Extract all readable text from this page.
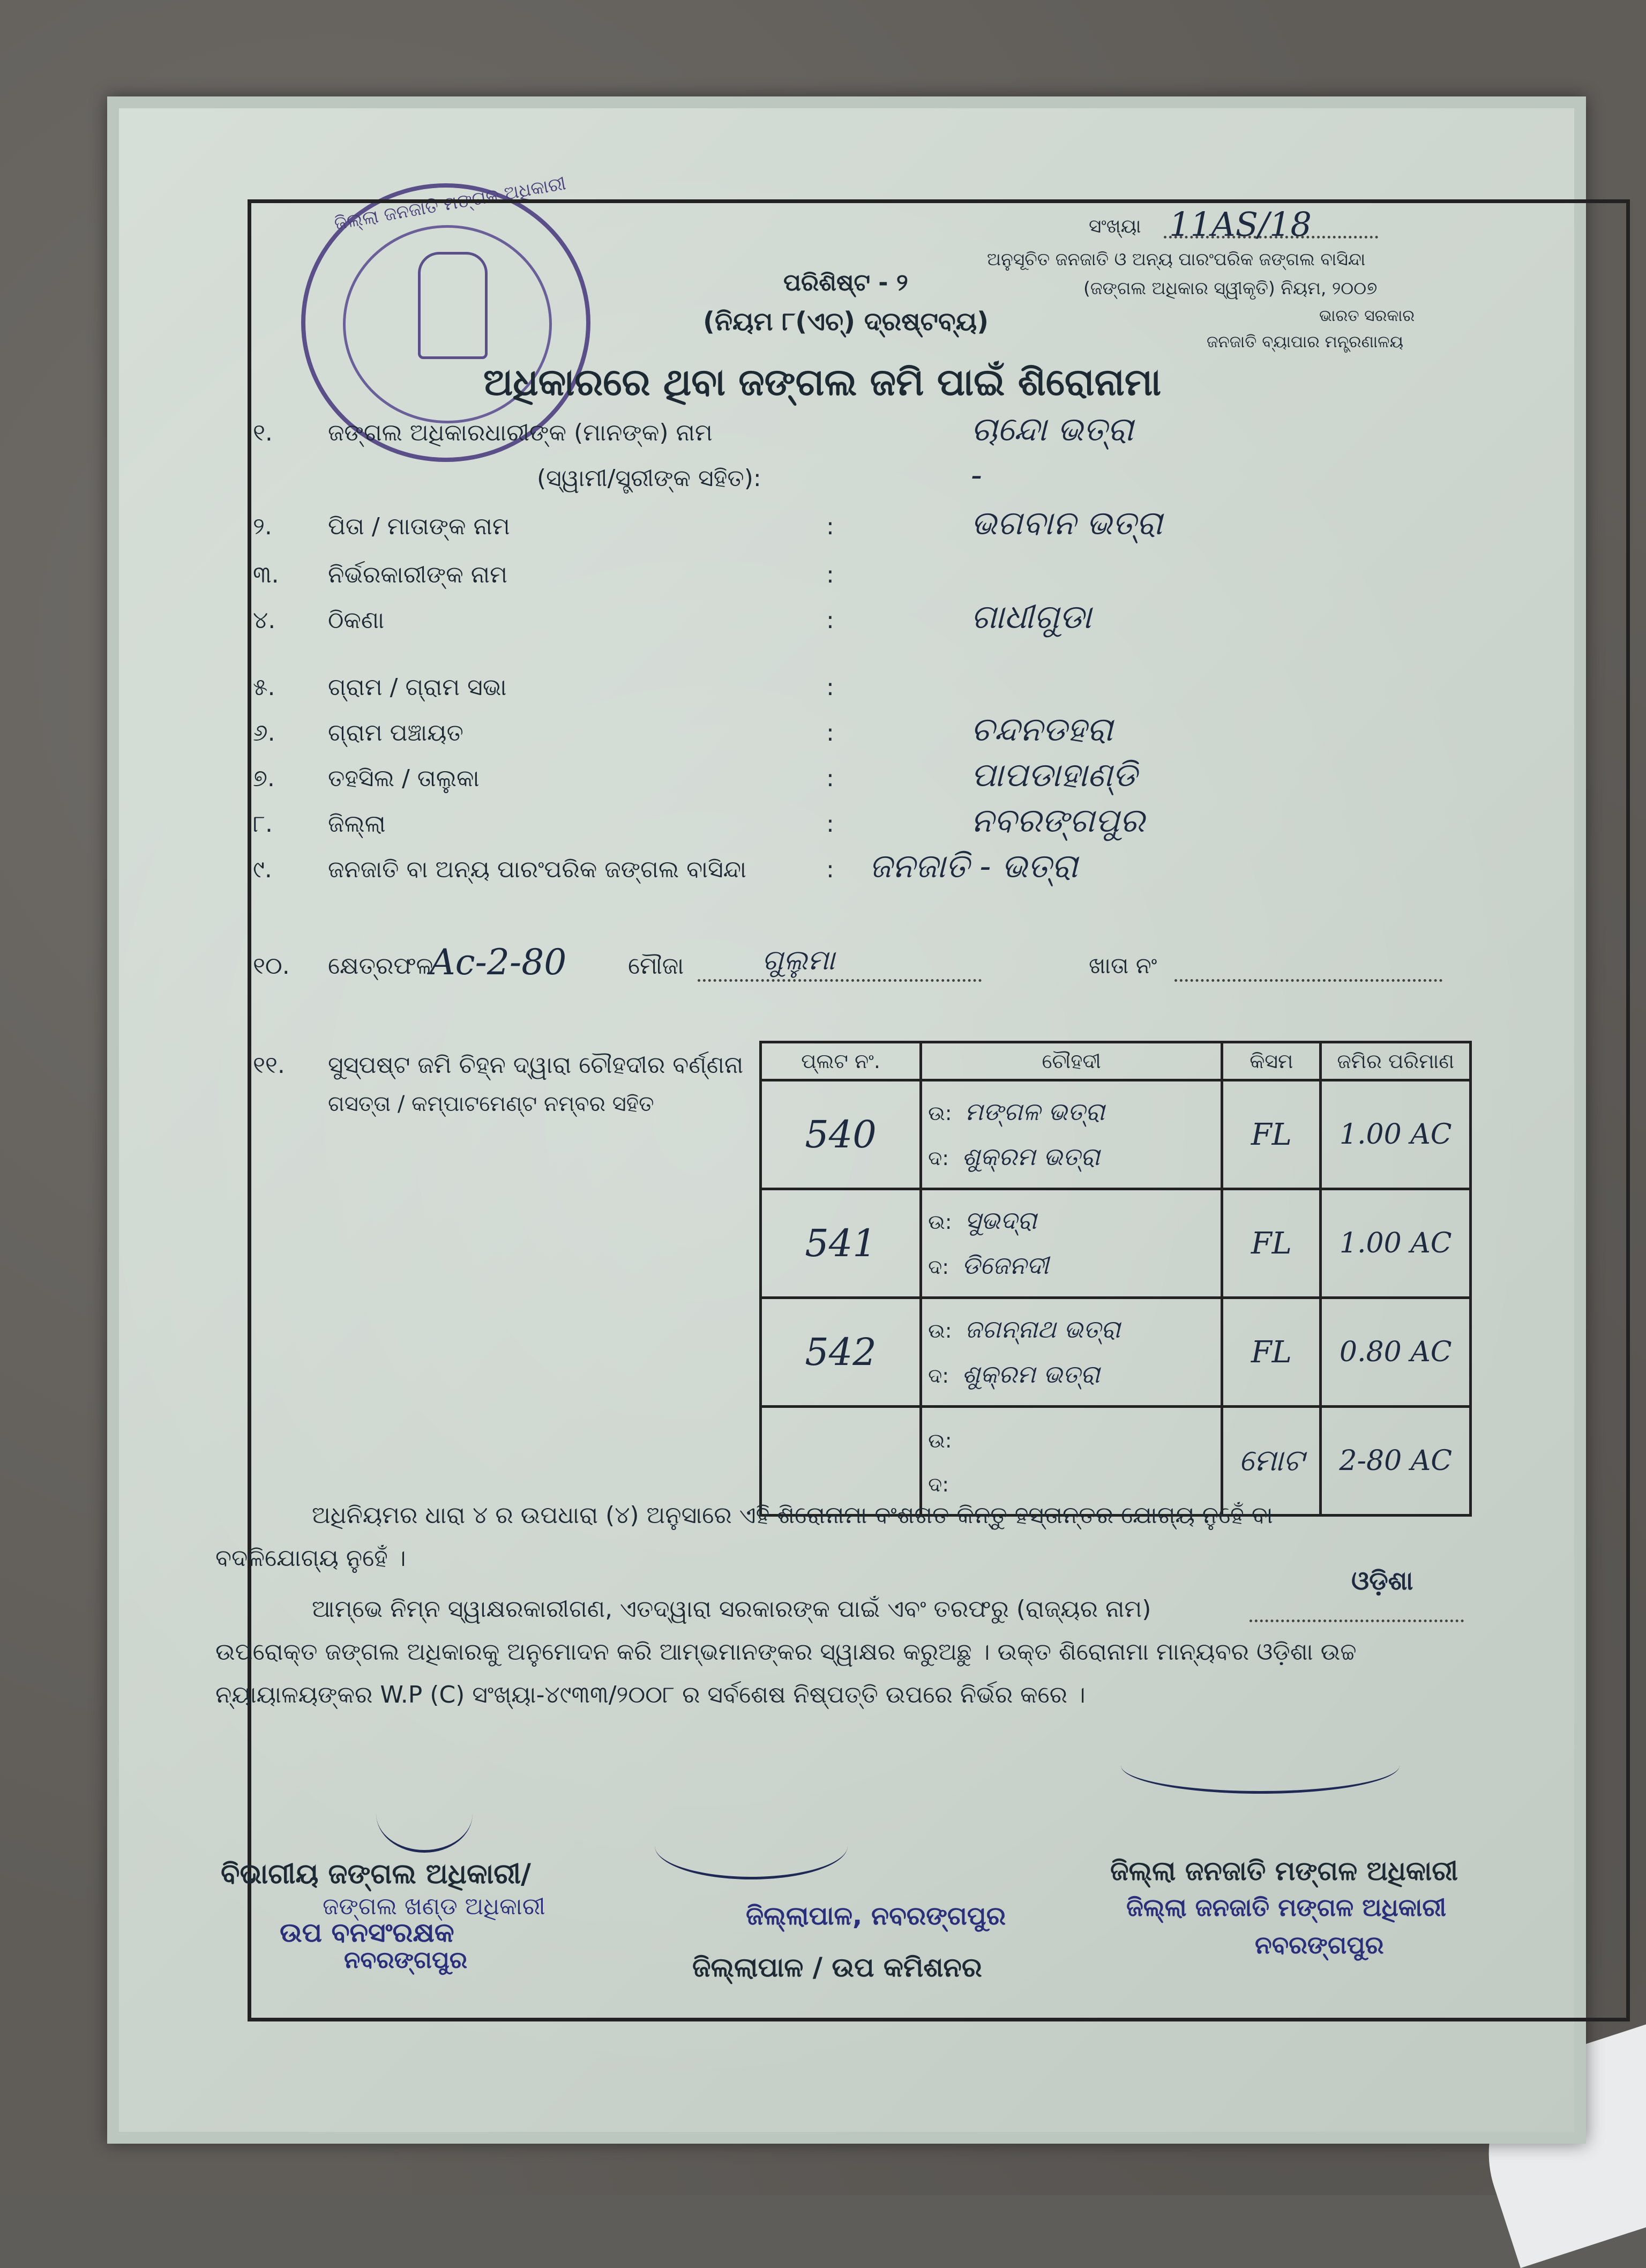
ଜିଲ୍ଲା ଜନଜାତି ମଙ୍ଗଳ ଅଧିକାରୀ	ସଂଖ୍ୟା 11AS/18
ଅନୁସୂଚିତ ଜନଜାତି ଓ ଅନ୍ୟ ପାରଂପରିକ ଜଙ୍ଗଲ ବାସିନ୍ଦା
(ଜଙ୍ଗଲ ଅଧିକାର ସ୍ୱୀକୃତି) ନିୟମ, ୨୦୦୭
ଭାରତ ସରକାର
ଜନଜାତି ବ୍ୟାପାର ମନ୍ତ୍ରଣାଳୟ
ପରିଶିଷ୍ଟ - ୨
(ନିୟମ ୮(ଏଚ୍) ଦ୍ରଷ୍ଟବ୍ୟ)
ଅଧିକାରରେ ଥିବା ଜଙ୍ଗଲ ଜମି ପାଇଁ ଶିରୋନାମା
୧. ଜଙ୍ଗଲ ଅଧିକାରଧାରୀଙ୍କ (ମାନଙ୍କ) ନାମ	ଚାନ୍ଦୋ ଭତ୍ରା
(ସ୍ୱାମୀ/ସ୍ତ୍ରୀଙ୍କ ସହିତ):	-
୨. ପିତା / ମାତାଙ୍କ ନାମ	:	ଭଗବାନ ଭତ୍ରା
୩. ନିର୍ଭରକାରୀଙ୍କ ନାମ	:
୪. ଠିକଣା	:	ଗାଧୀଗୁଡା
୫. ଗ୍ରାମ / ଗ୍ରାମ ସଭା	:
୬. ଗ୍ରାମ ପଞ୍ଚାୟତ	:	ଚନ୍ଦନଡହରା
୭. ତହସିଲ / ତାଲୁକା	:	ପାପଡାହାଣ୍ଡି
୮. ଜିଲ୍ଲା	:	ନବରଙ୍ଗପୁର
୯. ଜନଜାତି ବା ଅନ୍ୟ ପାରଂପରିକ ଜଙ୍ଗଲ ବାସିନ୍ଦା	: ଜନଜାତି - ଭତ୍ରା
୧୦. କ୍ଷେତ୍ରଫଳ
Ac-2-80	ମୌଜା	ଗୁଲୁମା	ଖାତା ନଂ
୧୧. ସୁସ୍ପଷ୍ଟ ଜମି ଚିହ୍ନ ଦ୍ୱାରା ଚୌହଦୀର ବର୍ଣ୍ଣନା
ଗସତ୍ତା / କମ୍ପାଟମେଣ୍ଟ ନମ୍ବର ସହିତ
ପ୍ଲଟ ନଂ.	ଚୌହଦୀ	କିସମ	ଜମିର ପରିମାଣ
540	ଉ: ମଙ୍ଗଳ ଭତ୍ରା
ଦ: ଶୁକ୍ରମ ଭତ୍ରା	FL	1.00 AC
541	ଉ: ସୁଭଦ୍ରା
ଦ: ଡିଜେନଦୀ	FL	1.00 AC
542	ଉ: ଜଗନ୍ନାଥ ଭତ୍ରା
ଦ: ଶୁକ୍ରମ ଭତ୍ରା	FL	0.80 AC

	ଉ:
ଦ:	ମୋଟ	2-80 AC
ଅଧିନିୟମର ଧାରା ୪ ର ଉପଧାରା (୪) ଅନୁସାରେ ଏହି ଶିରୋନାମା ବଂଶଗତ କିନ୍ତୁ ହସ୍ତାନ୍ତର ଯୋଗ୍ୟ ନୁହେଁ ବା
ବଦଳିଯୋଗ୍ୟ ନୁହେଁ ।
ଓଡ଼ିଶା
ଆମ୍ଭେ ନିମ୍ନ ସ୍ୱାକ୍ଷରକାରୀଗଣ, ଏତଦ୍ୱାରା ସରକାରଙ୍କ ପାଇଁ ଏବଂ ତରଫରୁ (ରାଜ୍ୟର ନାମ)
ଉପରୋକ୍ତ ଜଙ୍ଗଲ ଅଧିକାରକୁ ଅନୁମୋଦନ କରି ଆମ୍ଭମାନଙ୍କର ସ୍ୱାକ୍ଷର କରୁଅଛୁ । ଉକ୍ତ ଶିରୋନାମା ମାନ୍ୟବର ଓଡ଼ିଶା ଉଚ୍ଚ
ନ୍ୟାୟାଳୟଙ୍କର W.P (C) ସଂଖ୍ୟା-୪୯୩୩/୨୦୦୮ ର ସର୍ବଶେଷ ନିଷ୍ପତ୍ତି ଉପରେ ନିର୍ଭର କରେ ।
ବିଭାଗୀୟ ଜଙ୍ଗଲ ଅଧିକାରୀ/
ଜଙ୍ଗଲ ଖଣ୍ଡ ଅଧିକାରୀ
ଉପ ବନସଂରକ୍ଷକ
ନବରଙ୍ଗପୁର
ଜିଲ୍ଲାପାଳ, ନବରଙ୍ଗପୁର
ଜିଲ୍ଲାପାଳ / ଉପ କମିଶନର
ଜିଲ୍ଲା ଜନଜାତି ମଙ୍ଗଳ ଅଧିକାରୀ
ଜିଲ୍ଲା ଜନଜାତି ମଙ୍ଗଳ ଅଧିକାରୀ
ନବରଙ୍ଗପୁର
